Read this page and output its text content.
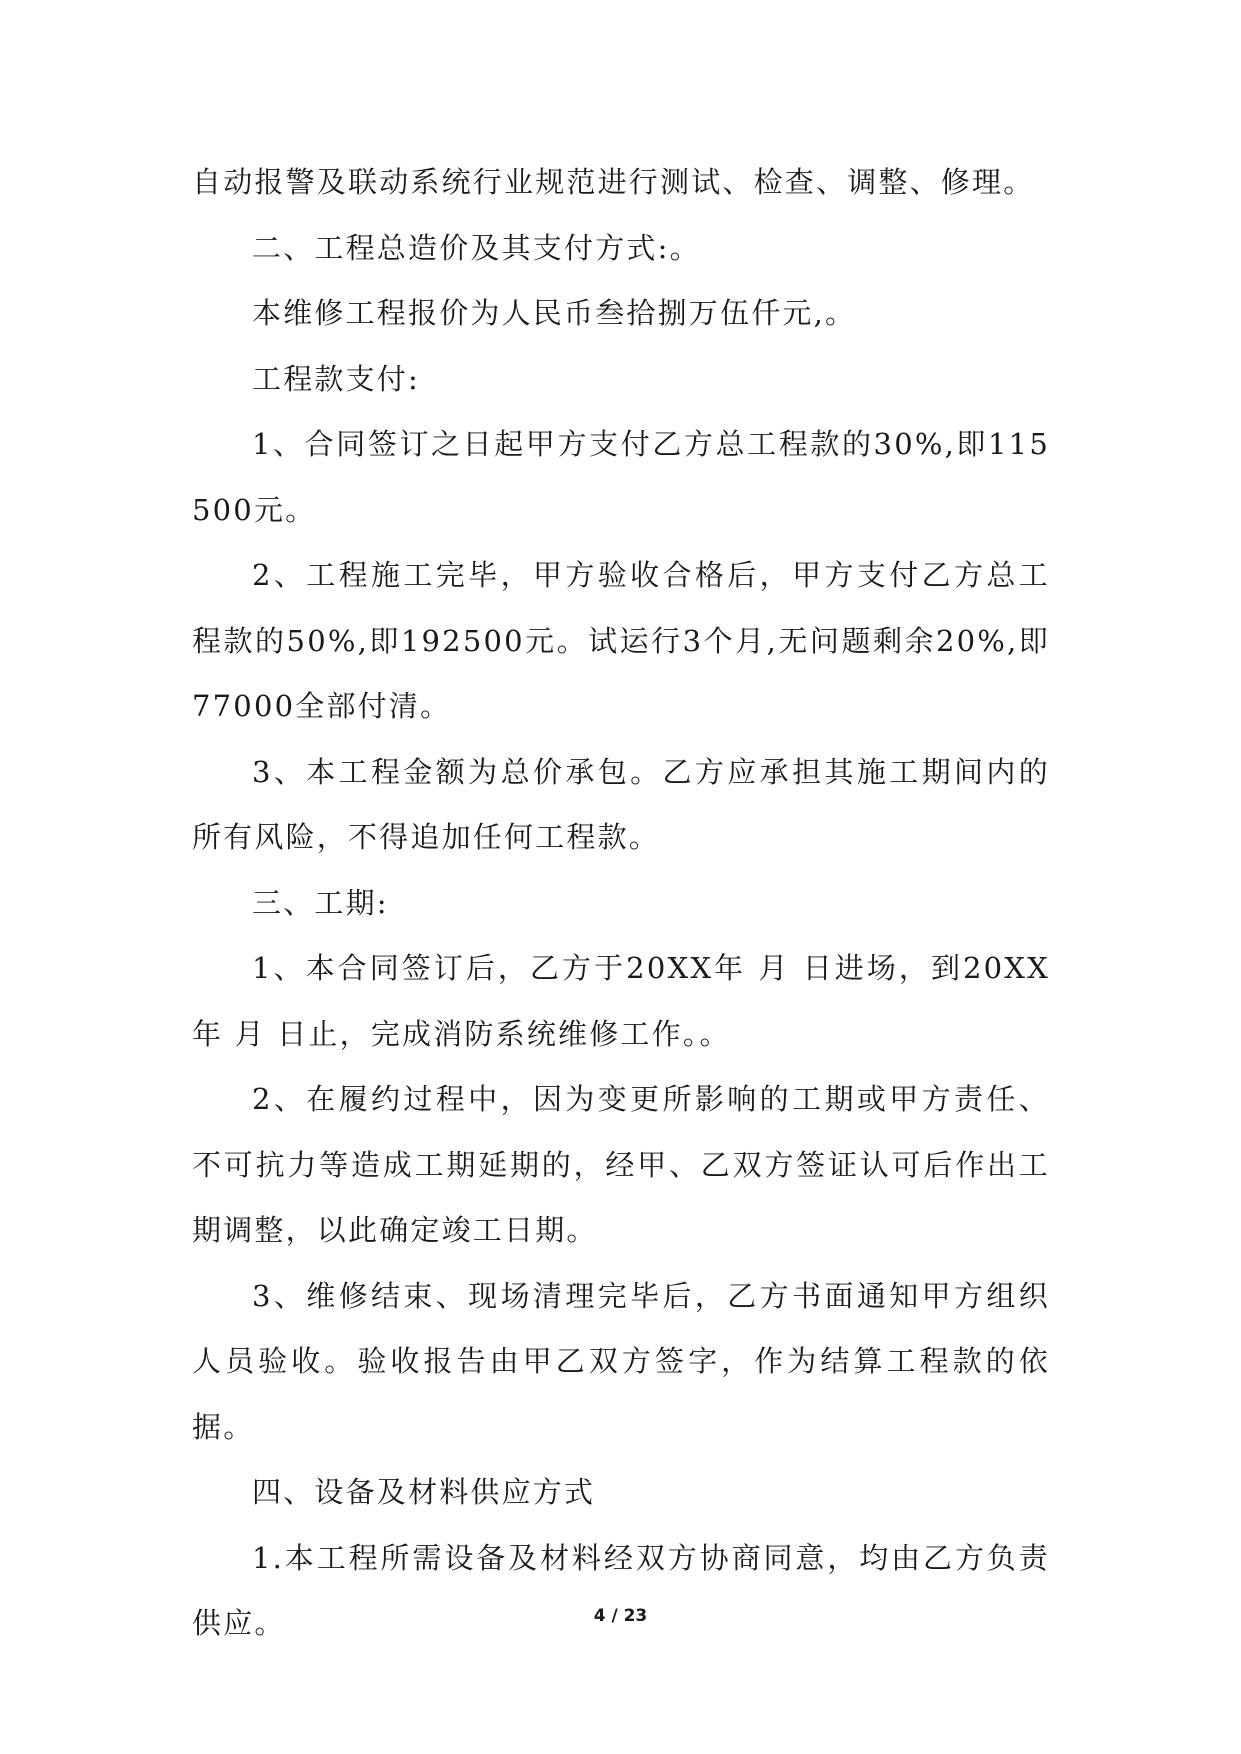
自动报警及联动系统行业规范进行测试、检查、调整、修理。

二、工程总造价及其支付方式:。

本维修工程报价为人民币叁拾捌万伍仟元,。

工程款支付:

1、合同签订之日起甲方支付乙方总工程款的30%,即115500元。

2、工程施工完毕，甲方验收合格后，甲方支付乙方总工程款的50%,即192500元。试运行3个月,无问题剩余20%,即77000全部付清。

3、本工程金额为总价承包。乙方应承担其施工期间内的所有风险，不得追加任何工程款。

三、工期:

1、本合同签订后，乙方于20XX年 月 日进场，到20XX年 月 日止，完成消防系统维修工作。。

2、在履约过程中，因为变更所影响的工期或甲方责任、不可抗力等造成工期延期的，经甲、乙双方签证认可后作出工期调整，以此确定竣工日期。

3、维修结束、现场清理完毕后，乙方书面通知甲方组织人员验收。验收报告由甲乙双方签字，作为结算工程款的依据。

四、设备及材料供应方式

1.本工程所需设备及材料经双方协商同意，均由乙方负责供应。	4 / 23
